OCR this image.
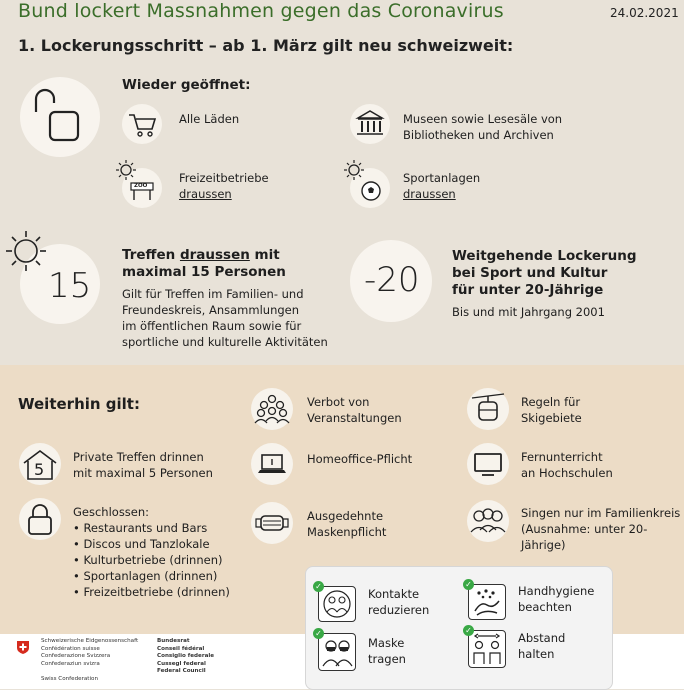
Bund lockert Massnahmen gegen das Coronavirus	24.02.2021
1. Lockerungsschritt – ab 1. März gilt neu schweizweit:
Wieder geöffnet:
Alle Läden	Museen sowie Lesesäle von
Bibliotheken und Archiven
ZOO
Freizeitbetriebe
draussen
Sportanlagen
draussen
15
Treffen draussen mit
maximal 15 Personen
Gilt für Treffen im Familien- und
Freundeskreis, Ansammlungen
im öffentlichen Raum sowie für
sportliche und kulturelle Aktivitäten
-20
Weitgehende Lockerung
bei Sport und Kultur
für unter 20-Jährige
Bis und mit Jahrgang 2001
Weiterhin gilt:
5
Private Treffen drinnen
mit maximal 5 Personen
Geschlossen:
• Restaurants und Bars
• Discos und Tanzlokale
• Kulturbetriebe (drinnen)
• Sportanlagen (drinnen)
• Freizeitbetriebe (drinnen)
Verbot von
Veranstaltungen
Homeoffice-Pflicht
Ausgedehnte
Maskenpflicht
Regeln für
Skigebiete
Fernunterricht
an Hochschulen
Singen nur im Familienkreis
(Ausnahme: unter 20-Jährige)
✓
Kontakte
reduzieren
✓	Handhygiene
beachten
✓
Maske
tragen
✓
Abstand
halten
Schweizerische Eidgenossenschaft
Confédération suisse
Confederazione Svizzera
Confederaziun svizra
Swiss Confederation
Bundesrat
Conseil fédéral
Consiglio federale
Cussegl federal
Federal Council
